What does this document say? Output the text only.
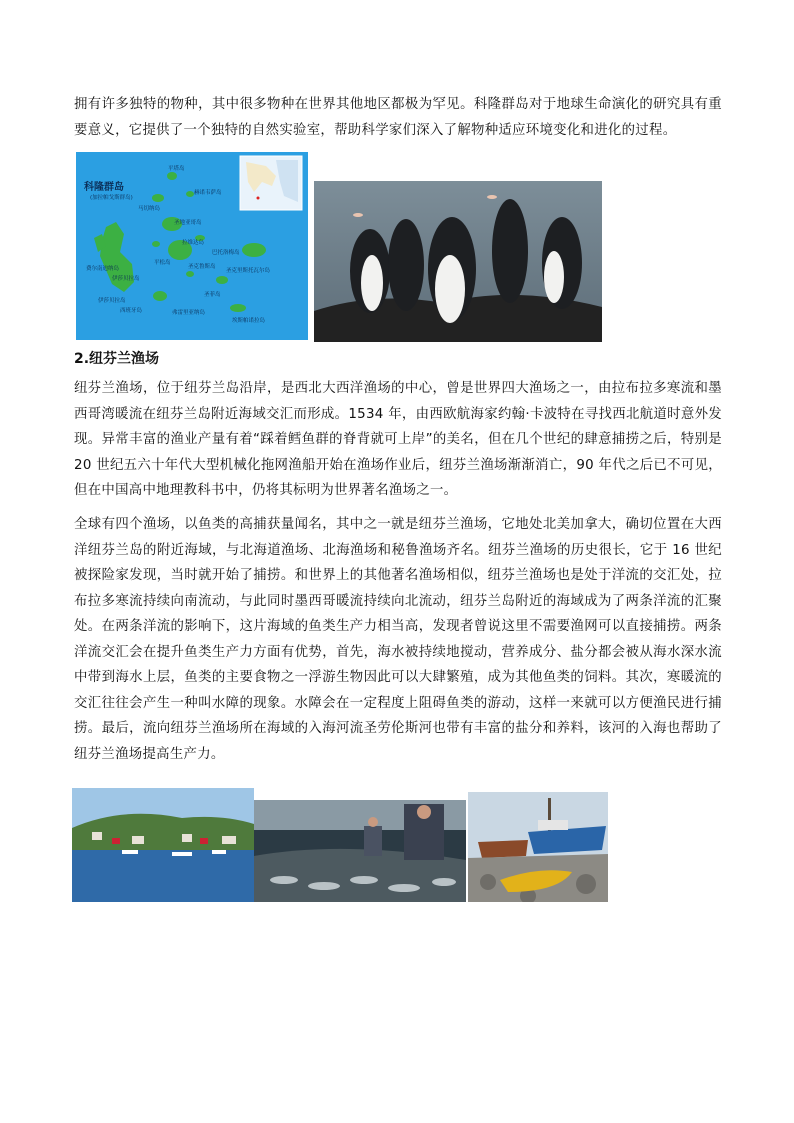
拥有许多独特的物种，其中很多物种在世界其他地区都极为罕见。科隆群岛对于地球生命演化的研究具有重要意义，它提供了一个独特的自然实验室，帮助科学家们深入了解物种适应环境变化和进化的过程。

科隆群岛
(加拉帕戈斯群岛)
平塔岛
马切纳岛
赫诺韦萨岛
圣地亚哥岛
拉维达岛
巴托洛梅岛
费尔南迪纳岛
伊莎贝拉岛
平松岛
圣克鲁斯岛
圣克里斯托瓦尔岛
伊莎贝拉岛
圣菲岛
弗雷里亚纳岛
埃斯帕诺拉岛
西班牙岛
2.纽芬兰渔场

纽芬兰渔场，位于纽芬兰岛沿岸，是西北大西洋渔场的中心，曾是世界四大渔场之一，由拉布拉多寒流和墨西哥湾暖流在纽芬兰岛附近海域交汇而形成。1534 年，由西欧航海家约翰·卡波特在寻找西北航道时意外发现。异常丰富的渔业产量有着“踩着鳕鱼群的脊背就可上岸”的美名，但在几个世纪的肆意捕捞之后，特别是 20 世纪五六十年代大型机械化拖网渔船开始在渔场作业后，纽芬兰渔场渐渐消亡，90 年代之后已不可见，但在中国高中地理教科书中，仍将其标明为世界著名渔场之一。

全球有四个渔场，以鱼类的高捕获量闻名，其中之一就是纽芬兰渔场，它地处北美加拿大，确切位置在大西洋纽芬兰岛的附近海域，与北海道渔场、北海渔场和秘鲁渔场齐名。纽芬兰渔场的历史很长，它于 16 世纪被探险家发现，当时就开始了捕捞。和世界上的其他著名渔场相似，纽芬兰渔场也是处于洋流的交汇处，拉布拉多寒流持续向南流动，与此同时墨西哥暖流持续向北流动，纽芬兰岛附近的海域成为了两条洋流的汇聚处。在两条洋流的影响下，这片海域的鱼类生产力相当高，发现者曾说这里不需要渔网可以直接捕捞。两条洋流交汇会在提升鱼类生产力方面有优势，首先，海水被持续地搅动，营养成分、盐分都会被从海水深水流中带到海水上层，鱼类的主要食物之一浮游生物因此可以大肆繁殖，成为其他鱼类的饲料。其次，寒暖流的交汇往往会产生一种叫水障的现象。水障会在一定程度上阻碍鱼类的游动，这样一来就可以方便渔民进行捕捞。最后，流向纽芬兰渔场所在海域的入海河流圣劳伦斯河也带有丰富的盐分和养料，该河的入海也帮助了纽芬兰渔场提高生产力。
